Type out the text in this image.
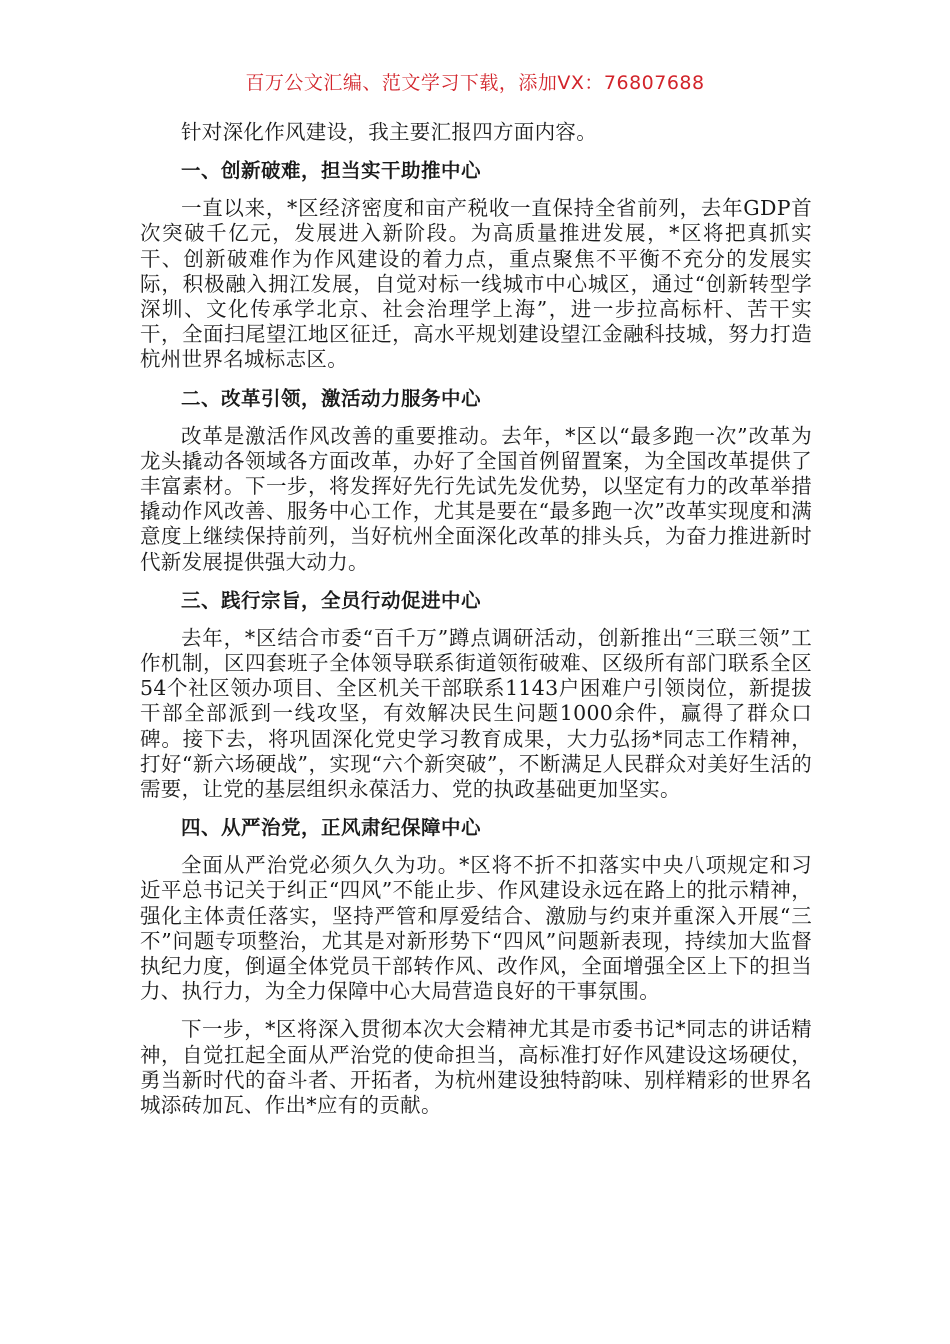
百万公文汇编、范文学习下载，添加VX：76807688

针对深化作风建设，我主要汇报四方面内容。

一、创新破难，担当实干助推中心

一直以来，*区经济密度和亩产税收一直保持全省前列，去年GDP首次突破千亿元，发展进入新阶段。为高质量推进发展，*区将把真抓实干、创新破难作为作风建设的着力点，重点聚焦不平衡不充分的发展实际，积极融入拥江发展，自觉对标一线城市中心城区，通过“创新转型学深圳、文化传承学北京、社会治理学上海”，进一步拉高标杆、苦干实干，全面扫尾望江地区征迁，高水平规划建设望江金融科技城，努力打造杭州世界名城标志区。

二、改革引领，激活动力服务中心

改革是激活作风改善的重要推动。去年，*区以“最多跑一次”改革为龙头撬动各领域各方面改革，办好了全国首例留置案，为全国改革提供了丰富素材。下一步，将发挥好先行先试先发优势，以坚定有力的改革举措撬动作风改善、服务中心工作，尤其是要在“最多跑一次”改革实现度和满意度上继续保持前列，当好杭州全面深化改革的排头兵，为奋力推进新时代新发展提供强大动力。

三、践行宗旨，全员行动促进中心

去年，*区结合市委“百千万”蹲点调研活动，创新推出“三联三领”工作机制，区四套班子全体领导联系街道领衔破难、区级所有部门联系全区54个社区领办项目、全区机关干部联系1143户困难户引领岗位，新提拔干部全部派到一线攻坚，有效解决民生问题1000余件，赢得了群众口碑。接下去，将巩固深化党史学习教育成果，大力弘扬*同志工作精神，打好“新六场硬战”，实现“六个新突破”，不断满足人民群众对美好生活的需要，让党的基层组织永葆活力、党的执政基础更加坚实。

四、从严治党，正风肃纪保障中心

全面从严治党必须久久为功。*区将不折不扣落实中央八项规定和习近平总书记关于纠正“四风”不能止步、作风建设永远在路上的批示精神，强化主体责任落实，坚持严管和厚爱结合、激励与约束并重深入开展“三不”问题专项整治，尤其是对新形势下“四风”问题新表现，持续加大监督执纪力度，倒逼全体党员干部转作风、改作风，全面增强全区上下的担当力、执行力，为全力保障中心大局营造良好的干事氛围。

下一步，*区将深入贯彻本次大会精神尤其是市委书记*同志的讲话精神，自觉扛起全面从严治党的使命担当，高标准打好作风建设这场硬仗，勇当新时代的奋斗者、开拓者，为杭州建设独特韵味、别样精彩的世界名城添砖加瓦、作出*应有的贡献。
